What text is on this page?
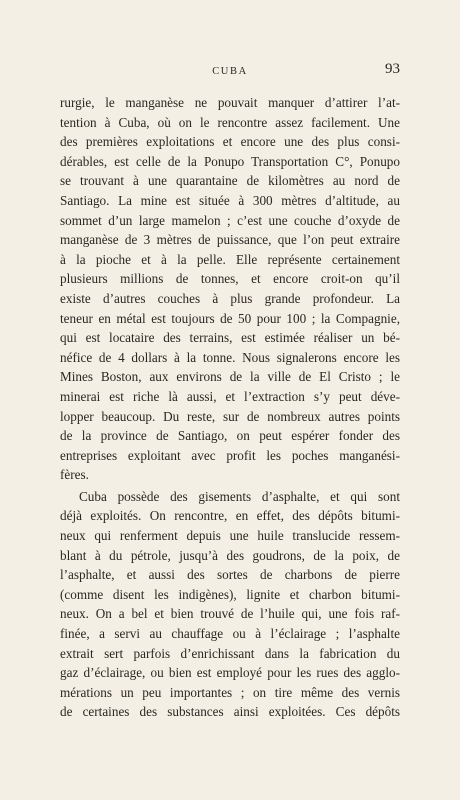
CUBA	93
rurgie, le manganèse ne pouvait manquer d’attirer l’at-
tention à Cuba, où on le rencontre assez facilement. Une
des premières exploitations et encore une des plus consi-
dérables, est celle de la Ponupo Transportation C°, Ponupo
se trouvant à une quarantaine de kilomètres au nord de
Santiago. La mine est située à 300 mètres d’altitude, au
sommet d’un large mamelon ; c’est une couche d’oxyde de
manganèse de 3 mètres de puissance, que l’on peut extraire
à la pioche et à la pelle. Elle représente certainement
plusieurs millions de tonnes, et encore croit-on qu’il
existe d’autres couches à plus grande profondeur. La
teneur en métal est toujours de 50 pour 100 ; la Compagnie,
qui est locataire des terrains, est estimée réaliser un bé-
néfice de 4 dollars à la tonne. Nous signalerons encore les
Mines Boston, aux environs de la ville de El Cristo ; le
minerai est riche là aussi, et l’extraction s’y peut déve-
lopper beaucoup. Du reste, sur de nombreux autres points
de la province de Santiago, on peut espérer fonder des
entreprises exploitant avec profit les poches manganési-
fères.
Cuba possède des gisements d’asphalte, et qui sont
déjà exploités. On rencontre, en effet, des dépôts bitumi-
neux qui renferment depuis une huile translucide ressem-
blant à du pétrole, jusqu’à des goudrons, de la poix, de
l’asphalte, et aussi des sortes de charbons de pierre
(comme disent les indigènes), lignite et charbon bitumi-
neux. On a bel et bien trouvé de l’huile qui, une fois raf-
finée, a servi au chauffage ou à l’éclairage ; l’asphalte
extrait sert parfois d’enrichissant dans la fabrication du
gaz d’éclairage, ou bien est employé pour les rues des agglo-
mérations un peu importantes ; on tire même des vernis
de certaines des substances ainsi exploitées. Ces dépôts
